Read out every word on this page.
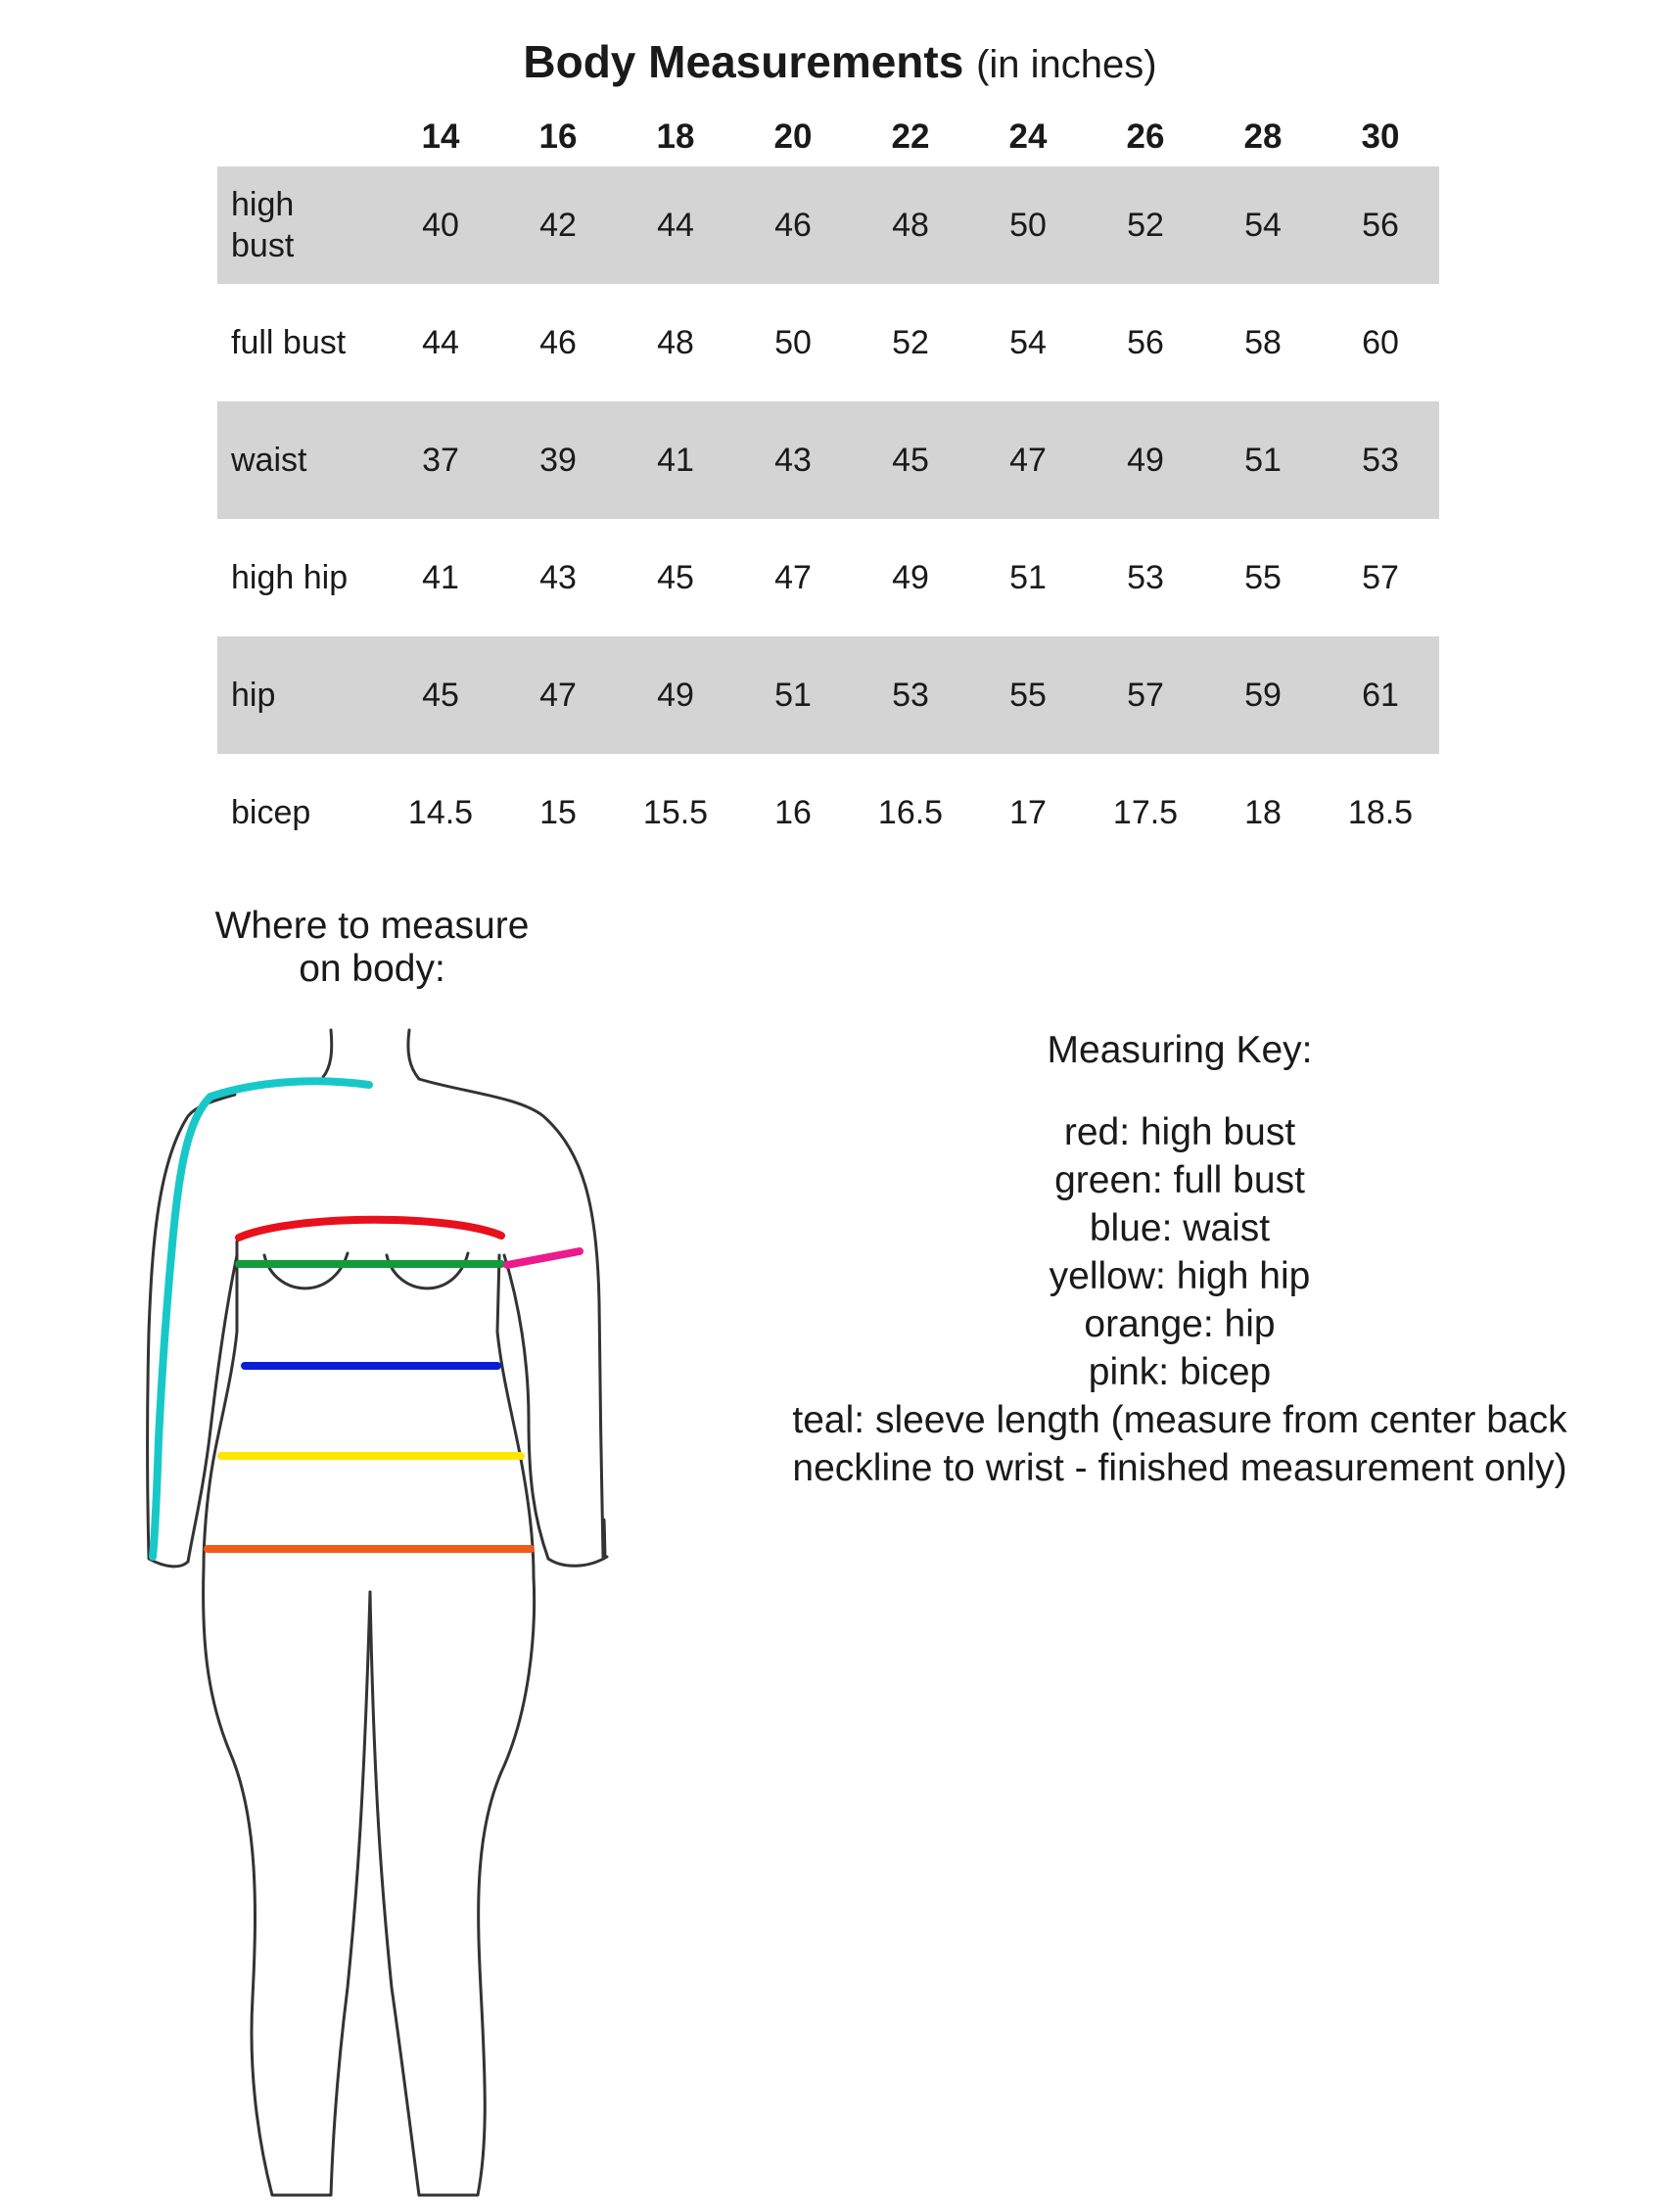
Body Measurements (in inches)
	14	16	18	20	22	24	26	28	30
high bust	40	42	44	46	48	50	52	54	56
full bust	44	46	48	50	52	54	56	58	60
waist	37	39	41	43	45	47	49	51	53
high hip	41	43	45	47	49	51	53	55	57
hip	45	47	49	51	53	55	57	59	61
bicep	14.5	15	15.5	16	16.5	17	17.5	18	18.5
Where to measure
on body:
Measuring Key:
red: high bust
green: full bust
blue: waist
yellow: high hip
orange: hip
pink: bicep
teal: sleeve length (measure from center back
neckline to wrist - finished measurement only)
